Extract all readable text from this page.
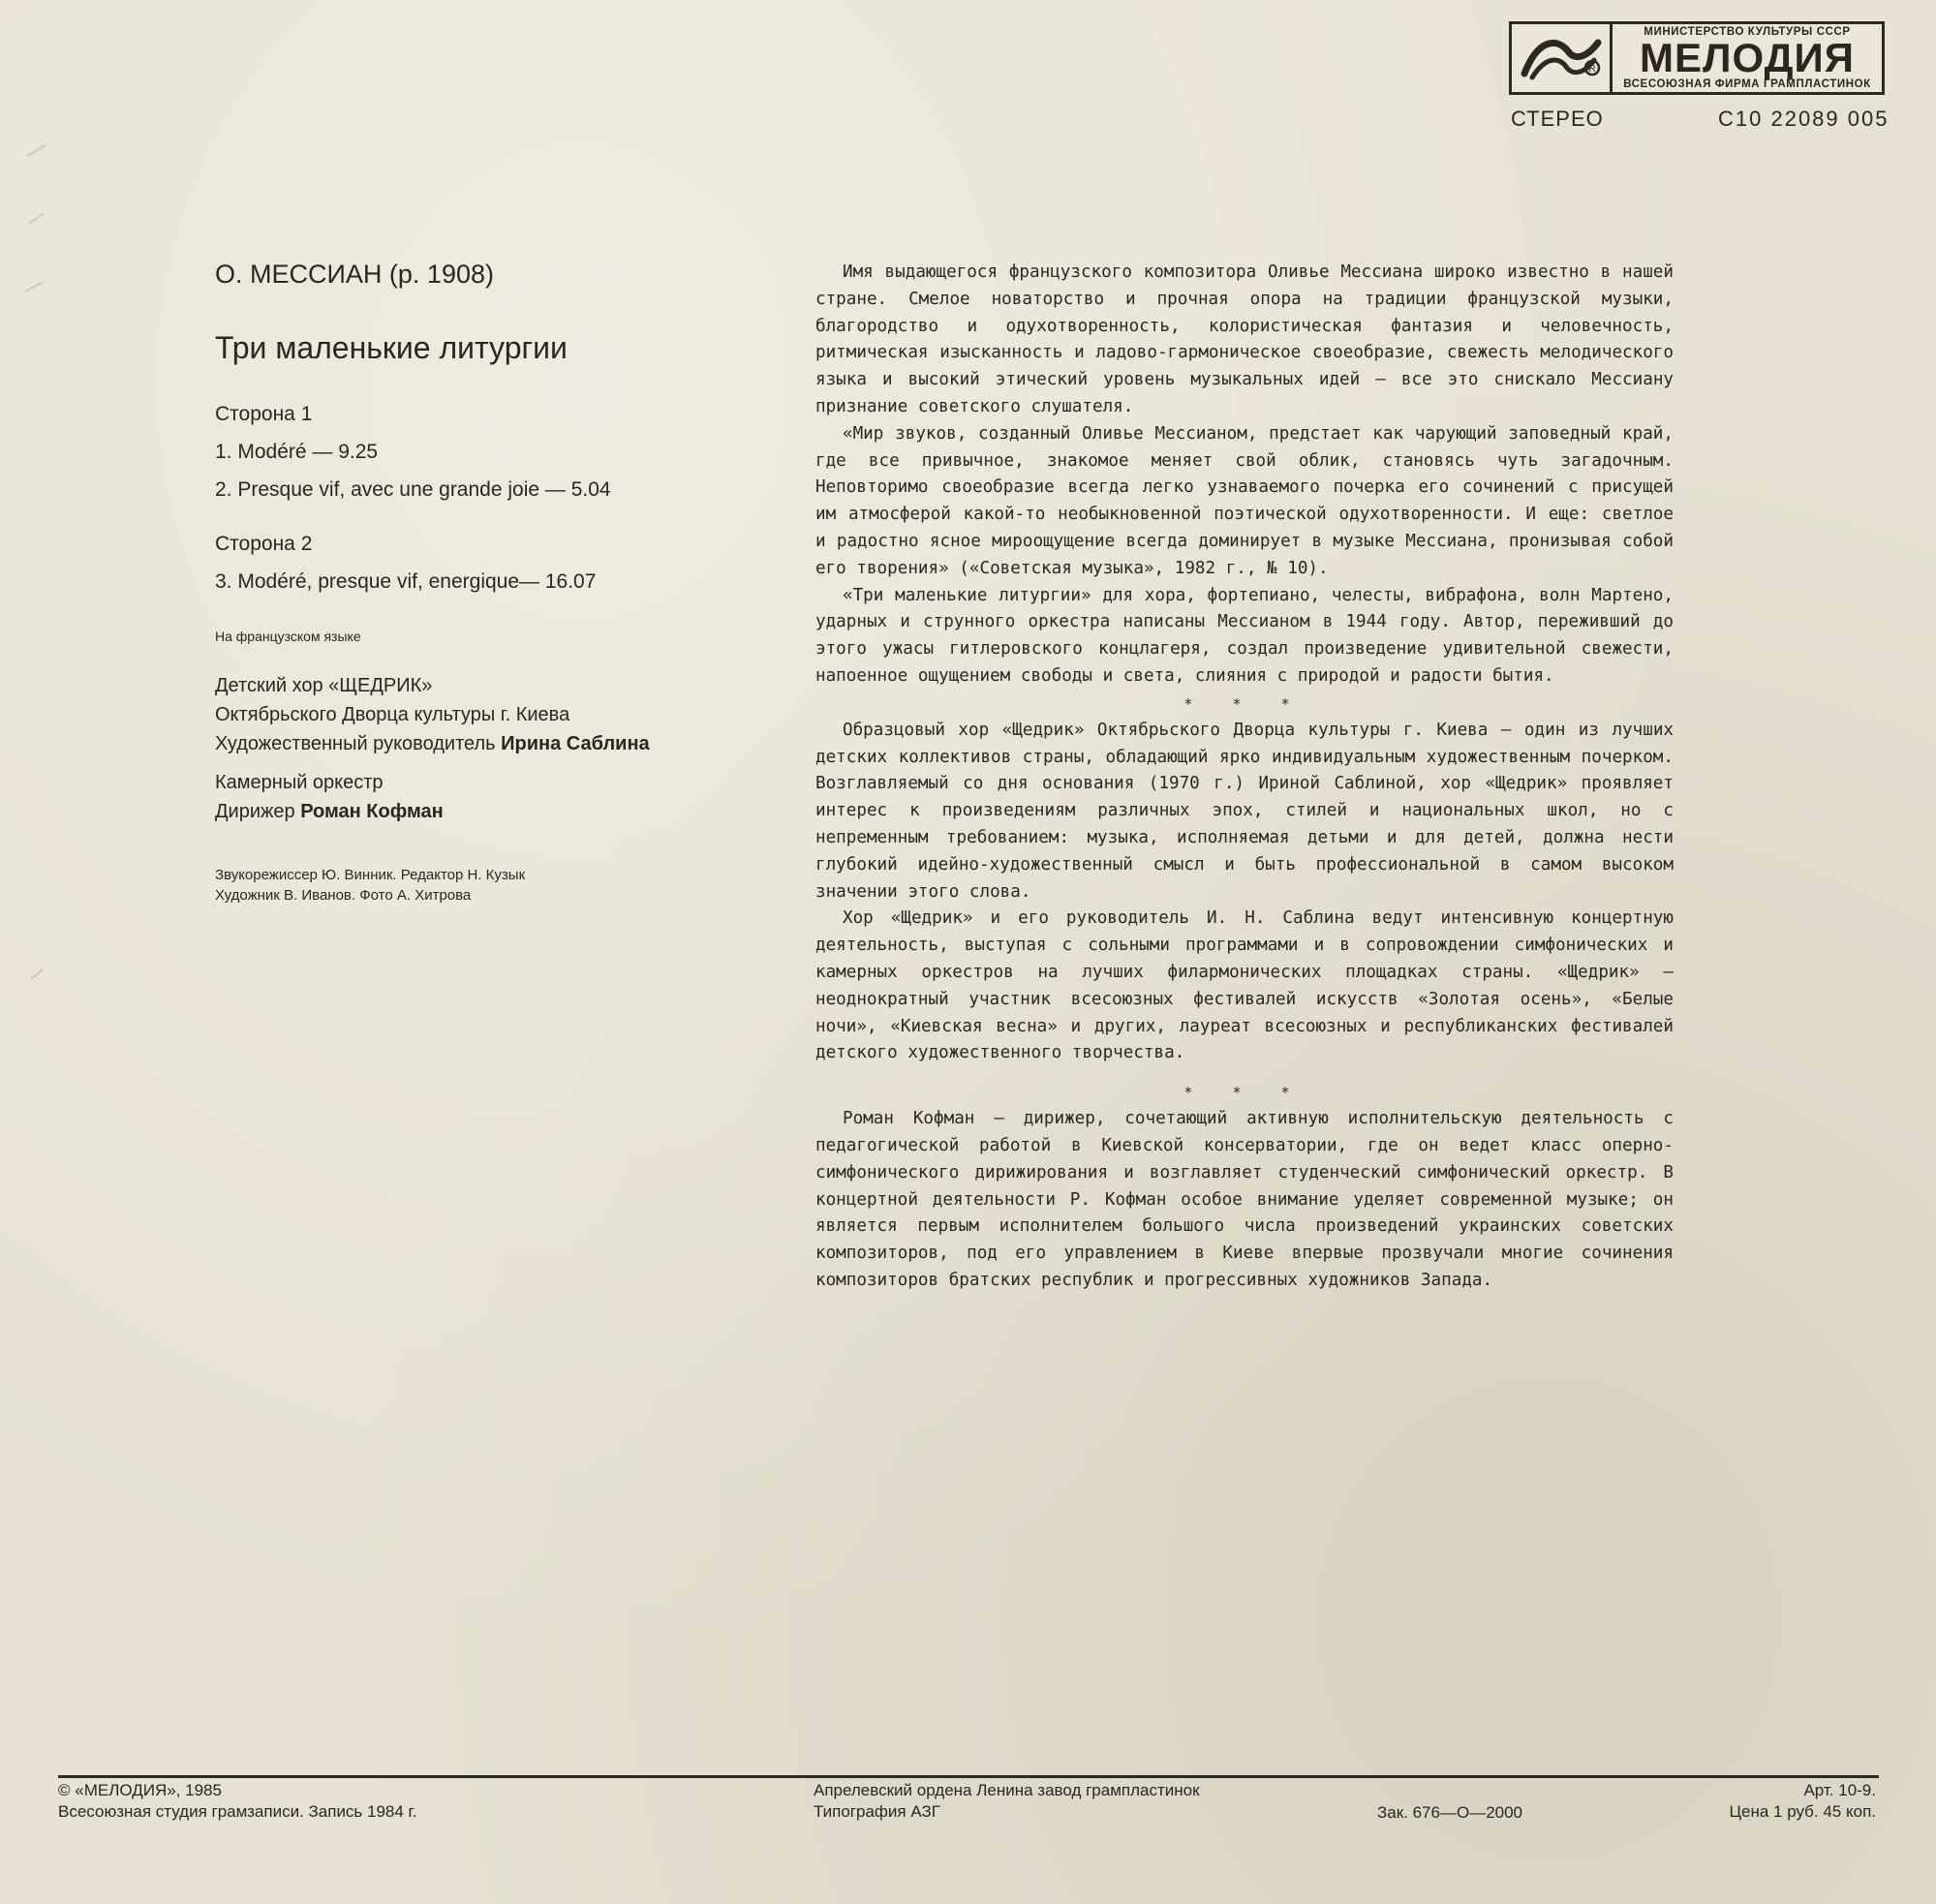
R
МИНИСТЕРСТВО КУЛЬТУРЫ СССР
МЕЛОДИЯ
ВСЕСОЮЗНАЯ ФИРМА ГРАМПЛАСТИНОК
СТЕРЕО	С10 22089 005
О. МЕССИАН (р. 1908)
Три маленькие литургии
Сторона 1
1. Modéré — 9.25
2. Presque vif, avec une grande joie — 5.04
Сторона 2
3. Modéré, presque vif, energique— 16.07
На французском языке
Детский хор «ЩЕДРИК»
Октябрьского Дворца культуры г. Киева
Художественный руководитель Ирина Саблина
Камерный оркестр
Дирижер Роман Кофман
Звукорежиссер Ю. Винник. Редактор Н. Кузык
Художник В. Иванов. Фото А. Хитрова

Имя выдающегося французского композитора Оливье Мессиана широко известно в нашей стране. Смелое новаторство и прочная опора на традиции французской музыки, благородство и одухотворенность, колористическая фантазия и человечность, ритмическая изысканность и ладово-гармоническое своеобразие, свежесть мелодического языка и высокий этический уровень музыкальных идей — все это снискало Мессиану признание советского слушателя.

«Мир звуков, созданный Оливье Мессианом, предстает как чарующий заповедный край, где все привычное, знакомое меняет свой облик, становясь чуть загадочным. Неповторимо своеобразие всегда легко узнаваемого почерка его сочинений с присущей им атмосферой какой-то необыкновенной поэтической одухотворенности. И еще: светлое и радостно ясное мироощущение всегда доминирует в музыке Мессиана, пронизывая собой его творения» («Советская музыка», 1982 г., № 10).

«Три маленькие литургии» для хора, фортепиано, челесты, вибрафона, волн Мартено, ударных и струнного оркестра написаны Мессианом в 1944 году. Автор, переживший до этого ужасы гитлеровского концлагеря, создал произведение удивительной свежести, напоенное ощущением свободы и света, слияния с природой и радости бытия.

* * *

Образцовый хор «Щедрик» Октябрьского Дворца культуры г. Киева — один из лучших детских коллективов страны, обладающий ярко индивидуальным художественным почерком. Возглавляемый со дня основания (1970 г.) Ириной Саблиной, хор «Щедрик» проявляет интерес к произведениям различных эпох, стилей и национальных школ, но с непременным требованием: музыка, исполняемая детьми и для детей, должна нести глубокий идейно-художественный смысл и быть профессиональной в самом высоком значении этого слова.

Хор «Щедрик» и его руководитель И. Н. Саблина ведут интенсивную концертную деятельность, выступая с сольными программами и в сопровождении симфонических и камерных оркестров на лучших филармонических площадках страны. «Щедрик» — неоднократный участник всесоюзных фестивалей искусств «Золотая осень», «Белые ночи», «Киевская весна» и других, лауреат всесоюзных и республиканских фестивалей детского художественного творчества.

* * *

Роман Кофман — дирижер, сочетающий активную исполнительскую деятельность с педагогической работой в Киевской консерватории, где он ведет класс оперно-симфонического дирижирования и возглавляет студенческий симфонический оркестр. В концертной деятельности Р. Кофман особое внимание уделяет современной музыке; он является первым исполнителем большого числа произведений украинских советских композиторов, под его управлением в Киеве впервые прозвучали многие сочинения композиторов братских республик и прогрессивных художников Запада.

© «МЕЛОДИЯ», 1985
Всесоюзная студия грамзаписи. Запись 1984 г.
Апрелевский ордена Ленина завод грампластинок
Типография АЗГ	Зак. 676—О—2000
Арт. 10-9.
Цена 1 руб. 45 коп.
